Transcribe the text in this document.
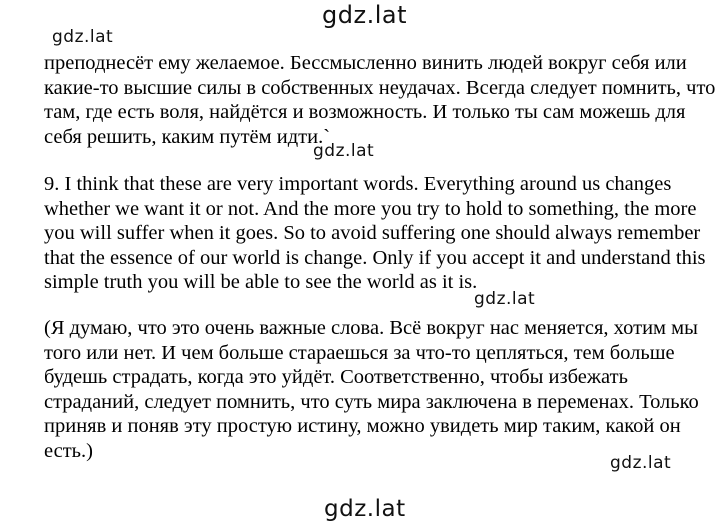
gdz.lat
gdz.lat

преподнесёт ему желаемое. Бессмысленно винить людей вокруг себя или
какие-то высшие силы в собственных неудачах. Всегда следует помнить, что
там, где есть воля, найдётся и возможность. И только ты сам можешь для
себя решить, каким путём идти.`

gdz.lat

9. I think that these are very important words. Everything around us changes
whether we want it or not. And the more you try to hold to something, the more
you will suffer when it goes. So to avoid suffering one should always remember
that the essence of our world is change. Only if you accept it and understand this
simple truth you will be able to see the world as it is.

gdz.lat

(Я думаю, что это очень важные слова. Всё вокруг нас меняется, хотим мы
того или нет. И чем больше стараешься за что-то цепляться, тем больше
будешь страдать, когда это уйдёт. Соответственно, чтобы избежать
страданий, следует помнить, что суть мира заключена в переменах. Только
приняв и поняв эту простую истину, можно увидеть мир таким, какой он
есть.)

gdz.lat
gdz.lat
